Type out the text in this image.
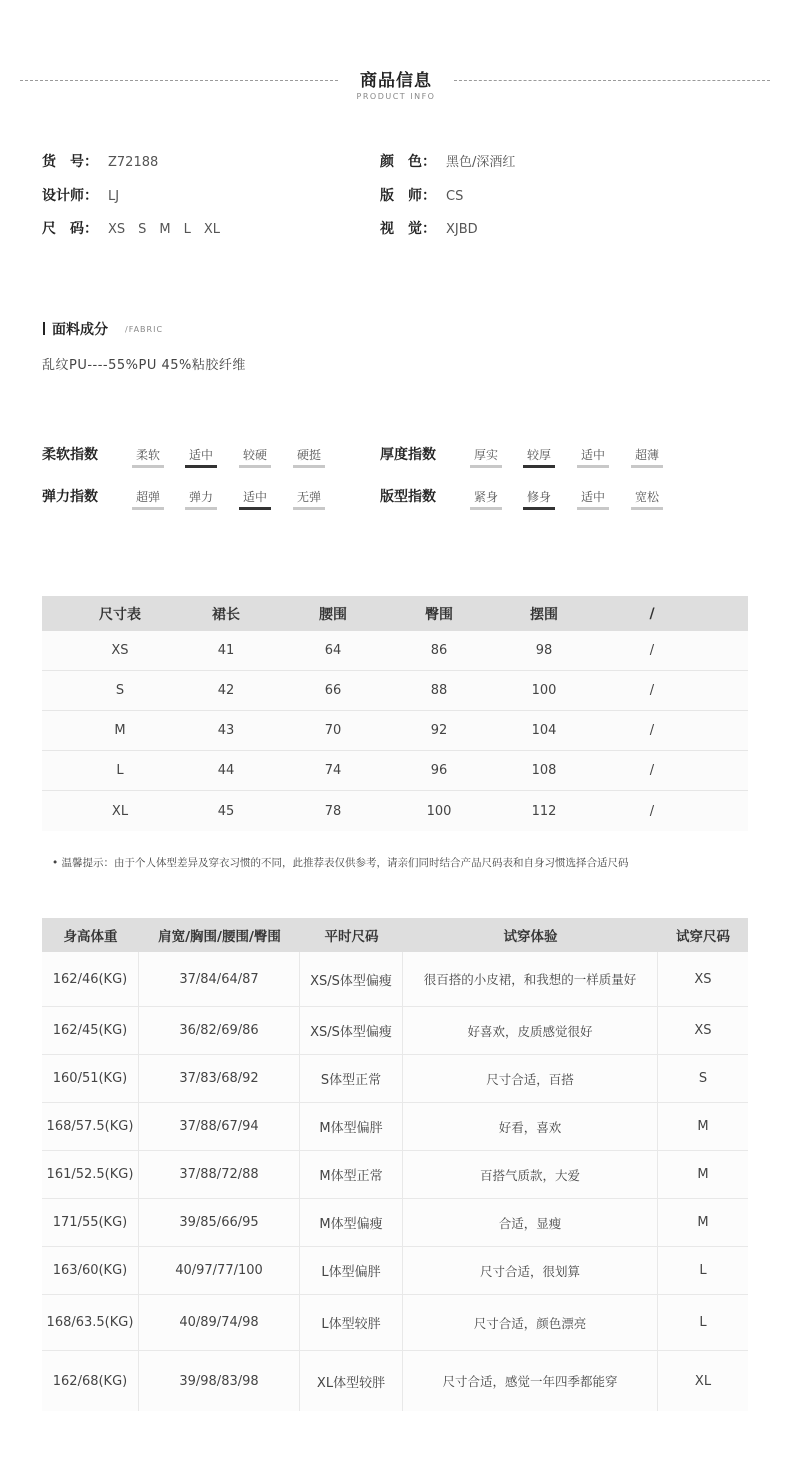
商品信息
PRODUCT INFO
货　号： Z72188
设计师： LJ
尺　码： XS　S　M　L　XL
颜　色： 黑色/深酒红
版　师： CS
视　觉： XJBD
面料成分 /FABRIC
乱纹PU----55%PU 45%粘胶纤维
柔软指数	柔软	适中	较硬	硬挺	厚度指数	厚实	较厚	适中	超薄
弹力指数	超弹	弹力	适中	无弹	版型指数	紧身	修身	适中	宽松
尺寸表	裙长	腰围	臀围	摆围	/
XS	41	64	86	98	/
S	42	66	88	100	/
M	43	70	92	104	/
L	44	74	96	108	/
XL	45	78	100	112	/
• 温馨提示：由于个人体型差异及穿衣习惯的不同，此推荐表仅供参考，请亲们同时结合产品尺码表和自身习惯选择合适尺码
身高体重	肩宽/胸围/腰围/臀围	平时尺码	试穿体验	试穿尺码
162/46(KG)	37/84/64/87	XS/S体型偏瘦	很百搭的小皮裙，和我想的一样质量好	XS
162/45(KG)	36/82/69/86	XS/S体型偏瘦	好喜欢，皮质感觉很好	XS
160/51(KG)	37/83/68/92	S体型正常	尺寸合适，百搭	S
168/57.5(KG)	37/88/67/94	M体型偏胖	好看，喜欢	M
161/52.5(KG)	37/88/72/88	M体型正常	百搭气质款，大爱	M
171/55(KG)	39/85/66/95	M体型偏瘦	合适，显瘦	M
163/60(KG)	40/97/77/100	L体型偏胖	尺寸合适，很划算	L
168/63.5(KG)	40/89/74/98	L体型较胖	尺寸合适，颜色漂亮	L
162/68(KG)	39/98/83/98	XL体型较胖	尺寸合适，感觉一年四季都能穿	XL
